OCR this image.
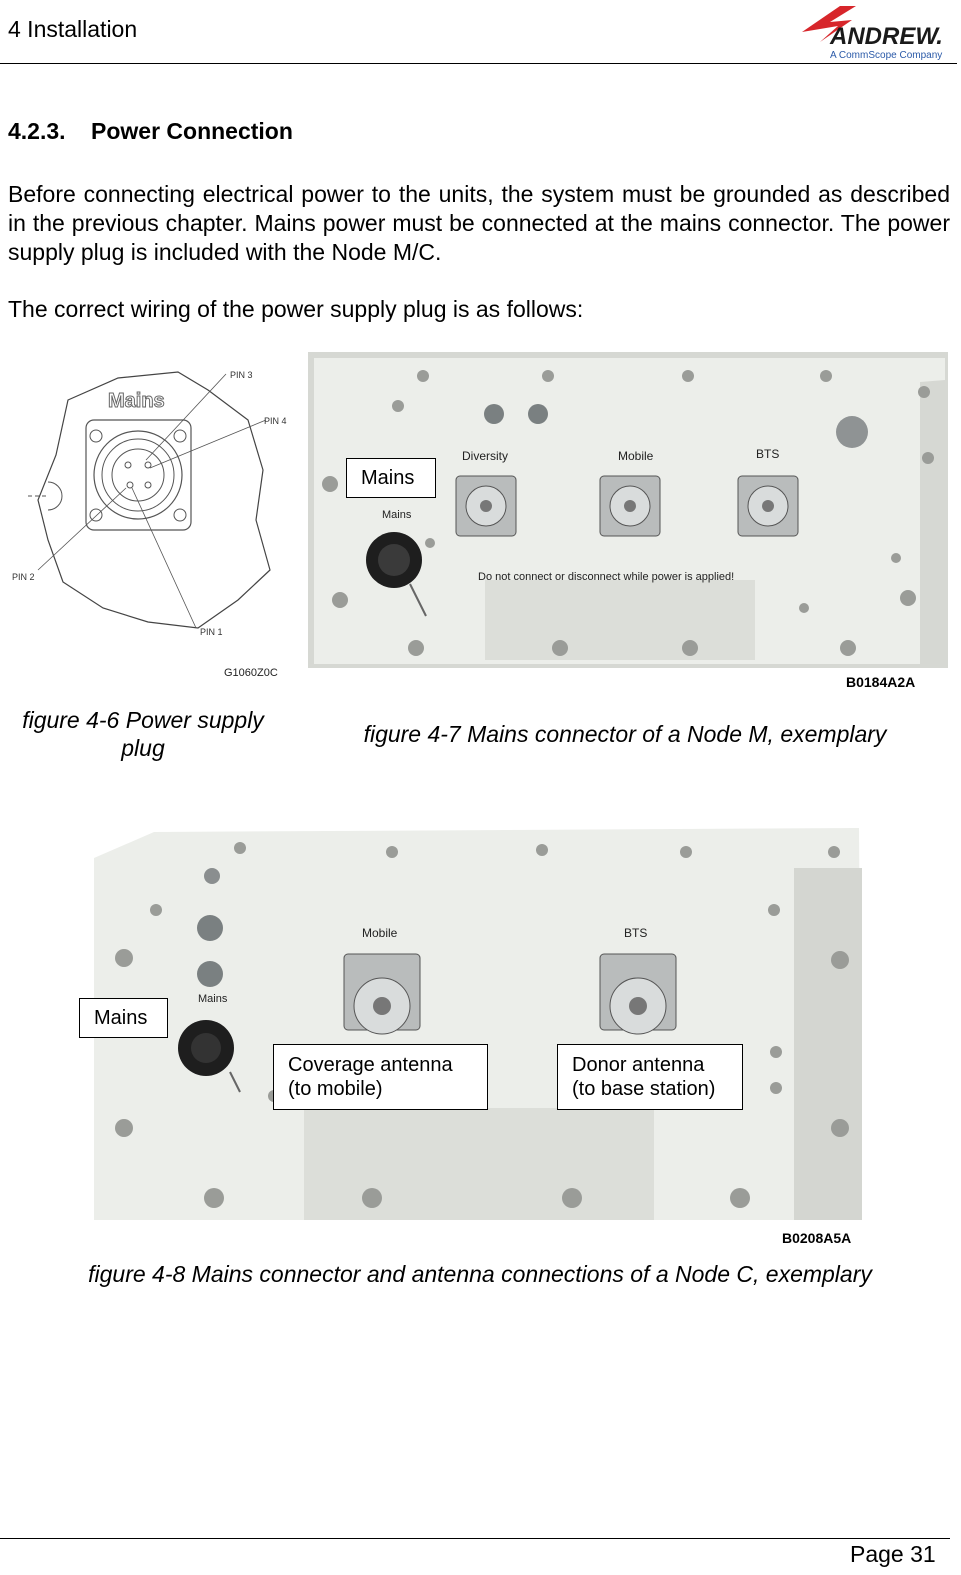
4 Installation	ANDREW.
A CommScope Company
4.2.3. Power Connection
Before connecting electrical power to the units, the system must be grounded as described in the previous chapter. Mains power must be connected at the mains connector. The power supply plug is included with the Node M/C.
The correct wiring of the power supply plug is as follows:
Mains
PIN 3
PIN 4
PIN 2
PIN 1
G1060Z0C
Diversity	Mobile	BTS
Mains
Do not connect or disconnect while power is applied!
Mains
B0184A2A
figure 4-6 Power supply plug
figure 4-7 Mains connector of a Node M, exemplary
Mains
Mobile	BTS
Mains
Coverage antenna
(to mobile)
Donor antenna
(to base station)
B0208A5A
figure 4-8 Mains connector and antenna connections of a Node C, exemplary
Page 31
